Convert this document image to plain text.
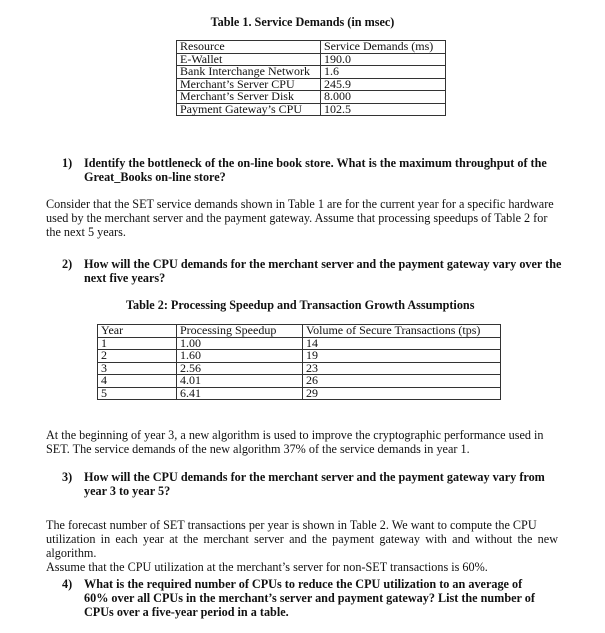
Table 1. Service Demands (in msec)
Resource	Service Demands (ms)
E-Wallet	190.0
Bank Interchange Network	1.6
Merchant’s Server CPU	245.9
Merchant’s Server Disk	8.000
Payment Gateway’s CPU	102.5
1) Identify the bottleneck of the on-line book store. What is the maximum throughput of the
Great_Books on-line store?
Consider that the SET service demands shown in Table 1 are for the current year for a specific hardware
used by the merchant server and the payment gateway. Assume that processing speedups of Table 2 for
the next 5 years.
2) How will the CPU demands for the merchant server and the payment gateway vary over the
next five years?
Table 2: Processing Speedup and Transaction Growth Assumptions
Year	Processing Speedup	Volume of Secure Transactions (tps)
1	1.00	14
2	1.60	19
3	2.56	23
4	4.01	26
5	6.41	29
At the beginning of year 3, a new algorithm is used to improve the cryptographic performance used in
SET. The service demands of the new algorithm 37% of the service demands in year 1.
3) How will the CPU demands for the merchant server and the payment gateway vary from
year 3 to year 5?
The forecast number of SET transactions per year is shown in Table 2. We want to compute the CPU
utilization in each year at the merchant server and the payment gateway with and without the new algorithm.
Assume that the CPU utilization at the merchant’s server for non-SET transactions is 60%.
4) What is the required number of CPUs to reduce the CPU utilization to an average of
60% over all CPUs in the merchant’s server and payment gateway? List the number of
CPUs over a five-year period in a table.
